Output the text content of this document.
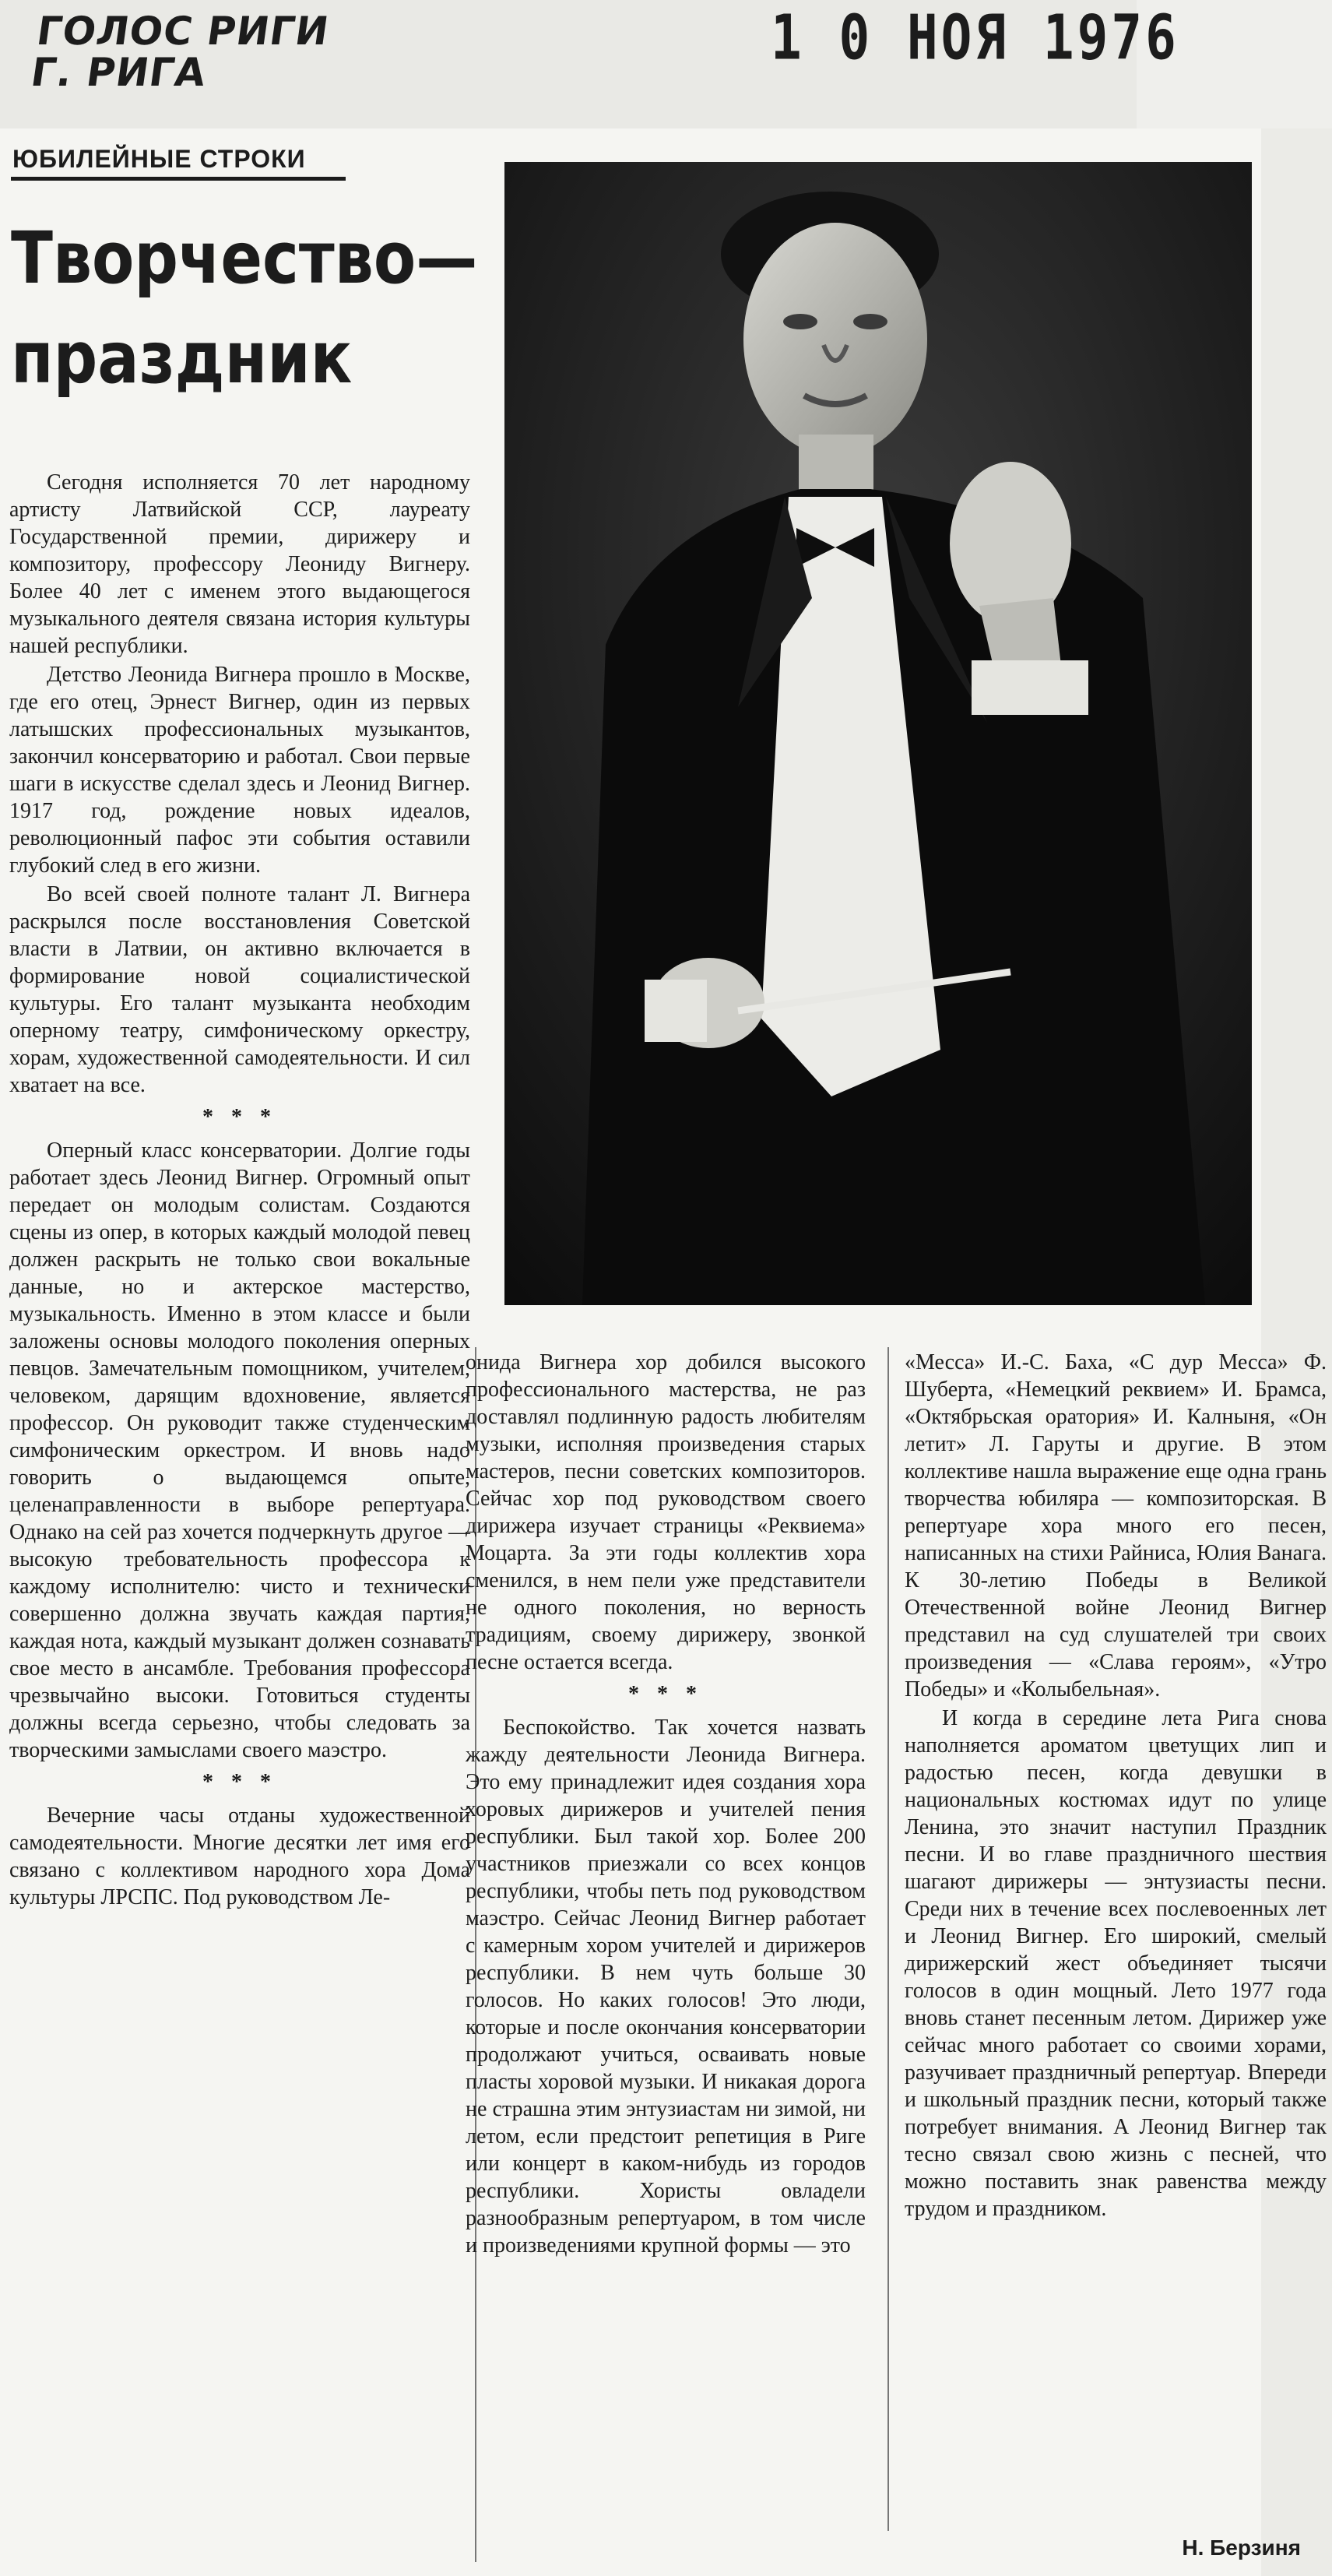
ГОЛОС РИГИ
Г. РИГА	1 0 НОЯ 1976
ЮБИЛЕЙНЫЕ СТРОКИ
Творчество—
праздник

Сегодня исполняется 70 лет народному артисту Латвийской ССР, лауреату Государственной премии, дирижеру и композитору, профессору Леониду Вигнеру. Более 40 лет с именем этого выдающегося музыкального деятеля связана история культуры нашей республики.

Детство Леонида Вигнера прошло в Москве, где его отец, Эрнест Вигнер, один из первых латышских профессиональных музыкантов, закончил консерваторию и работал. Свои первые шаги в искусстве сделал здесь и Леонид Вигнер. 1917 год, рождение новых идеалов, революционный пафос эти события оставили глубокий след в его жизни.

Во всей своей полноте талант Л. Вигнера раскрылся после восстановления Советской власти в Латвии, он активно включается в формирование новой социалистической культуры. Его талант музыканта необходим оперному театру, симфоническому оркестру, хорам, художественной самодеятельности. И сил хватает на все.

* * *

Оперный класс консерватории. Долгие годы работает здесь Леонид Вигнер. Огромный опыт передает он молодым солистам. Создаются сцены из опер, в которых каждый молодой певец должен раскрыть не только свои вокальные данные, но и актерское мастерство, музыкальность. Именно в этом классе и были заложены основы молодого поколения оперных певцов. Замечательным помощником, учителем, человеком, дарящим вдохновение, является профессор. Он руководит также студенческим симфоническим оркестром. И вновь надо говорить о выдающемся опыте, целенаправленности в выборе репертуара. Однако на сей раз хочется подчеркнуть другое — высокую требовательность профессора к каждому исполнителю: чисто и технически совершенно должна звучать каждая партия, каждая нота, каждый музыкант должен сознавать свое место в ансамбле. Требования профессора чрезвычайно высоки. Готовиться студенты должны всегда серьезно, чтобы следовать за творческими замыслами своего маэстро.

* * *

Вечерние часы отданы художественной самодеятельности. Многие десятки лет имя его связано с коллективом народного хора Дома культуры ЛРСПС. Под руководством Ле-

онида Вигнера хор добился высокого профессионального мастерства, не раз доставлял подлинную радость любителям музыки, исполняя произведения старых мастеров, песни советских композиторов. Сейчас хор под руководством своего дирижера изучает страницы «Реквиема» Моцарта. За эти годы коллектив хора сменился, в нем пели уже представители не одного поколения, но верность традициям, своему дирижеру, звонкой песне остается всегда.

* * *

Беспокойство. Так хочется назвать жажду деятельности Леонида Вигнера. Это ему принадлежит идея создания хора хоровых дирижеров и учителей пения республики. Был такой хор. Более 200 участников приезжали со всех концов республики, чтобы петь под руководством маэстро. Сейчас Леонид Вигнер работает с камерным хором учителей и дирижеров республики. В нем чуть больше 30 голосов. Но каких голосов! Это люди, которые и после окончания консерватории продолжают учиться, осваивать новые пласты хоровой музыки. И никакая дорога не страшна этим энтузиастам ни зимой, ни летом, если предстоит репетиция в Риге или концерт в каком-нибудь из городов республики. Хористы овладели разнообразным репертуаром, в том числе и произведениями крупной формы — это

«Месса» И.-С. Баха, «С дур Месса» Ф. Шуберта, «Немецкий реквием» И. Брамса, «Октябрьская оратория» И. Калныня, «Он летит» Л. Гаруты и другие. В этом коллективе нашла выражение еще одна грань творчества юбиляра — композиторская. В репертуаре хора много его песен, написанных на стихи Райниса, Юлия Ванага. К 30-летию Победы в Великой Отечественной войне Леонид Вигнер представил на суд слушателей три своих произведения — «Слава героям», «Утро Победы» и «Колыбельная».

И когда в середине лета Рига снова наполняется ароматом цветущих лип и радостью песен, когда девушки в национальных костюмах идут по улице Ленина, это значит наступил Праздник песни. И во главе праздничного шествия шагают дирижеры — энтузиасты песни. Среди них в течение всех послевоенных лет и Леонид Вигнер. Его широкий, смелый дирижерский жест объединяет тысячи голосов в один мощный. Лето 1977 года вновь станет песенным летом. Дирижер уже сейчас много работает со своими хорами, разучивает праздничный репертуар. Впереди и школьный праздник песни, который также потребует внимания. А Леонид Вигнер так тесно связал свою жизнь с песней, что можно поставить знак равенства между трудом и праздником.

Н. Берзиня
